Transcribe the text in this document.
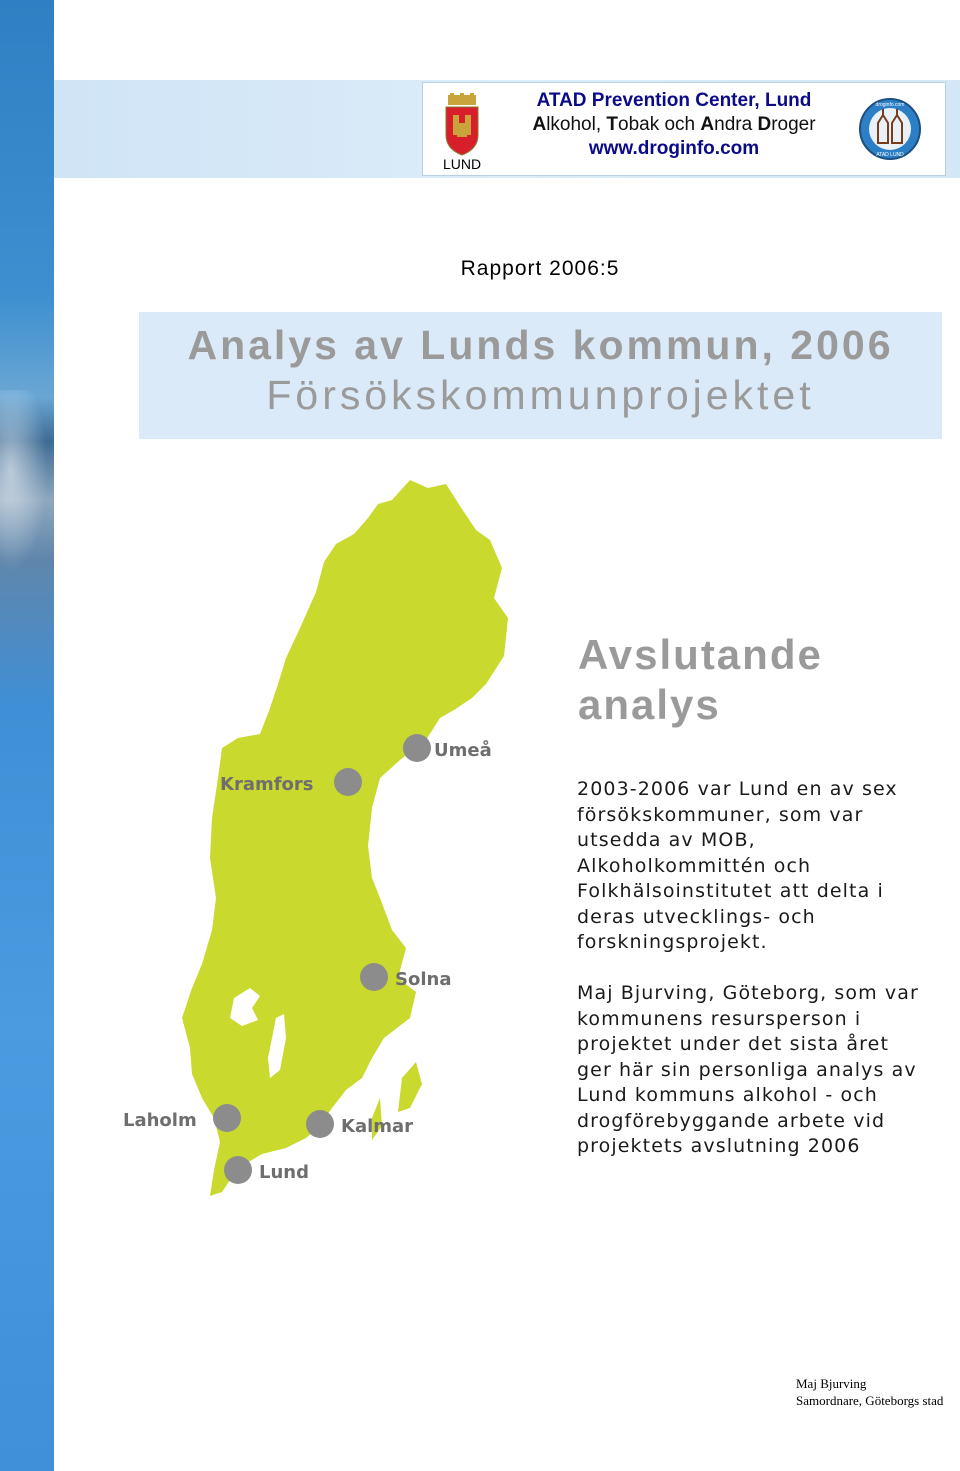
LUND
droginfo.com
ATAD LUND
ATAD Prevention Center, Lund
Alkohol, Tobak och Andra Droger
www.droginfo.com
Rapport 2006:5
Analys av Lunds kommun, 2006
Försökskommunprojektet
Umeå
Kramfors
Solna
Laholm	Kalmar
Lund
Avslutande
analys
2003-2006 var Lund en av sex
försökskommuner, som var
utsedda av MOB,
Alkoholkommittén och
Folkhälsoinstitutet att delta i
deras utvecklings- och
forskningsprojekt.
Maj Bjurving, Göteborg, som var
kommunens resursperson i
projektet under det sista året
ger här sin personliga analys av
Lund kommuns alkohol - och
drogförebyggande arbete vid
projektets avslutning 2006
Maj Bjurving
Samordnare, Göteborgs stad
